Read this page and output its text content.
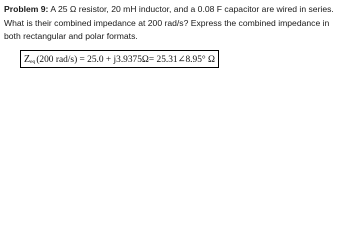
Problem 9: A 25 Ω resistor, 20 mH inductor, and a 0.08 F capacitor are wired in series. What is their combined impedance at 200 rad/s? Express the combined impedance in both rectangular and polar formats.
Z eq (200 rad/s) = 25.0 + j3.9375Ω= 25.31∠8.95° Ω
